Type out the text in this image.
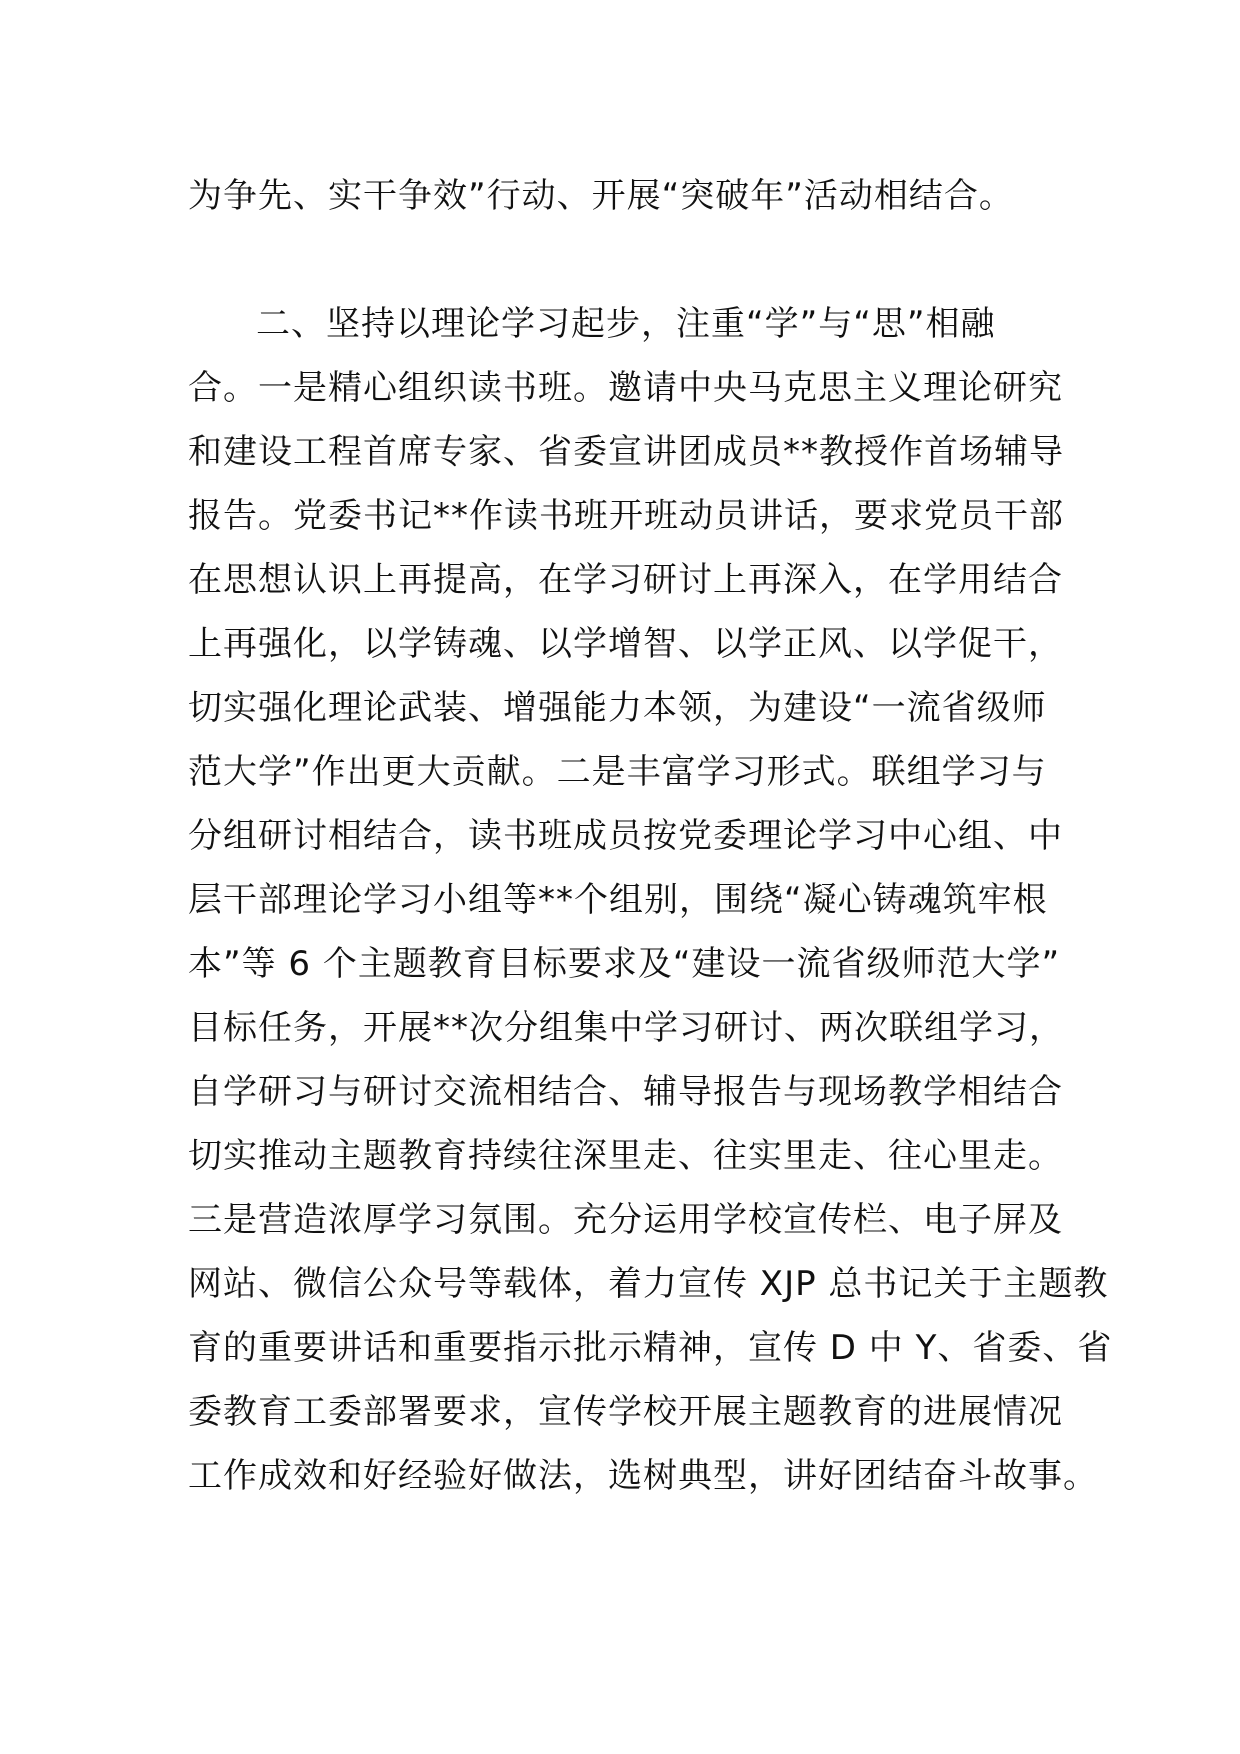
为争先、实干争效”行动、开展“突破年”活动相结合。
二、坚持以理论学习起步，注重“学”与“思”相融
合。一是精心组织读书班。邀请中央马克思主义理论研究
和建设工程首席专家、省委宣讲团成员**教授作首场辅导
报告。党委书记**作读书班开班动员讲话，要求党员干部
在思想认识上再提高，在学习研讨上再深入，在学用结合
上再强化，以学铸魂、以学增智、以学正风、以学促干，
切实强化理论武装、增强能力本领，为建设“一流省级师
范大学”作出更大贡献。二是丰富学习形式。联组学习与
分组研讨相结合，读书班成员按党委理论学习中心组、中
层干部理论学习小组等**个组别，围绕“凝心铸魂筑牢根
本”等 6 个主题教育目标要求及“建设一流省级师范大学”
目标任务，开展**次分组集中学习研讨、两次联组学习，
自学研习与研讨交流相结合、辅导报告与现场教学相结合
切实推动主题教育持续往深里走、往实里走、往心里走。
三是营造浓厚学习氛围。充分运用学校宣传栏、电子屏及
网站、微信公众号等载体，着力宣传 XJP 总书记关于主题教
育的重要讲话和重要指示批示精神，宣传 D 中 Y、省委、省
委教育工委部署要求，宣传学校开展主题教育的进展情况
工作成效和好经验好做法，选树典型，讲好团结奋斗故事。
